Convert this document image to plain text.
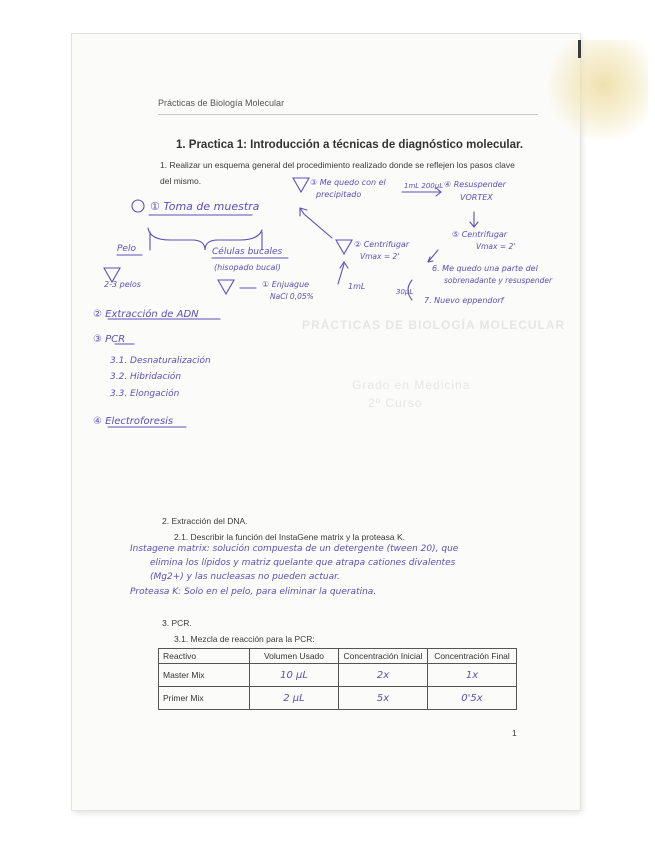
PRÁCTICAS DE BIOLOGÍA MOLECULAR
Grado en Medicina
2º Curso
Prácticas de Biología Molecular
1. Practica 1: Introducción a técnicas de diagnóstico molecular.
1. Realizar un esquema general del procedimiento realizado donde se reflejen los pasos clave
del mismo.
① Toma de muestra
Pelo
2-3 pelos
Células bucales
(hisopado bucal)
① Enjuague
NaCl 0,05%
1mL
② Centrifugar
Vmax = 2'
③ Me quedo con el
precipitado
1mL 200µL ④ Resuspender
VORTEX
⑤ Centrifugar
Vmax = 2'
6. Me quedo una parte del
sobrenadante y resuspender
30µL
7. Nuevo eppendorf
② Extracción de ADN
③ PCR
3.1. Desnaturalización
3.2. Hibridación
3.3. Elongación
④ Electroforesis
2. Extracción del DNA.
2.1. Describir la función del InstaGene matrix y la proteasa K.
Instagene matrix: solución compuesta de un detergente (tween 20), que
elimina los lípidos y matriz quelante que atrapa cationes divalentes
(Mg2+) y las nucleasas no pueden actuar.
Proteasa K: Solo en el pelo, para eliminar la queratina.
3. PCR.
3.1. Mezcla de reacción para la PCR:
Reactivo	Volumen Usado	Concentración Inicial	Concentración Final
Master Mix	10 µL	2x	1x
Primer Mix	2 µL	5x	0'5x
1
